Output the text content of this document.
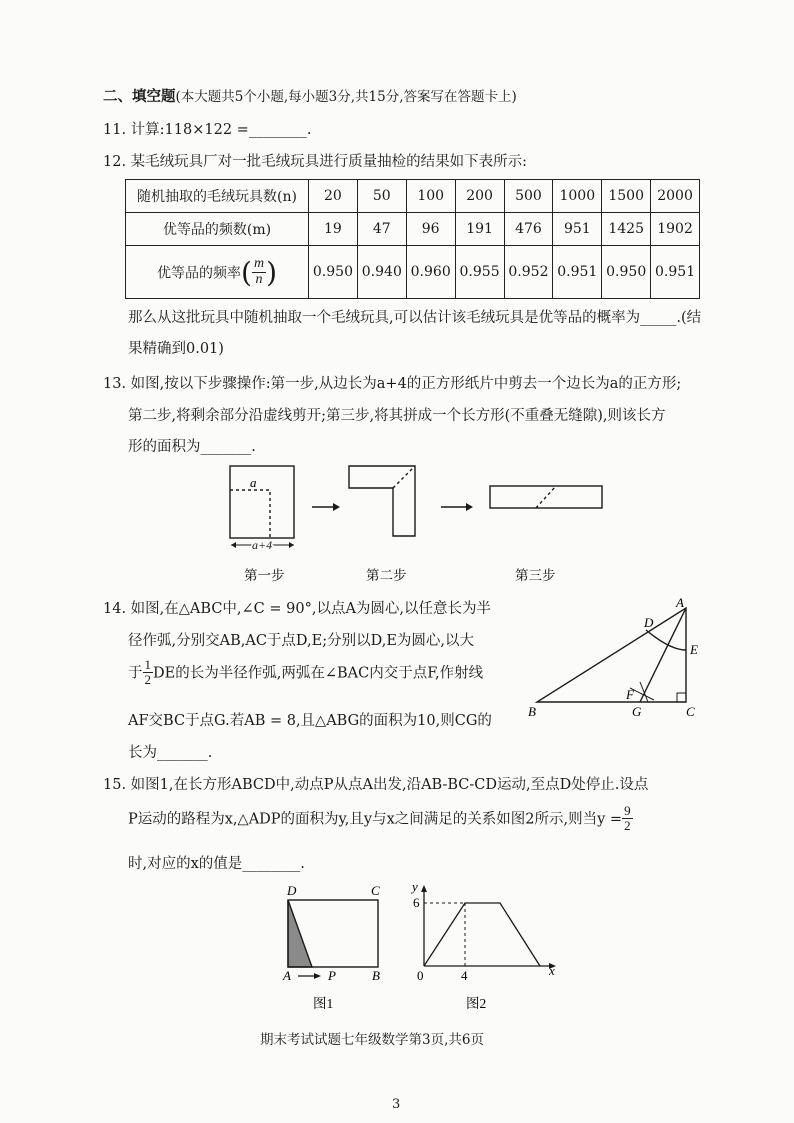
二、填空题(本大题共5个小题,每小题3分,共15分,答案写在答题卡上)
11. 计算:118×122 =________.
12. 某毛绒玩具厂对一批毛绒玩具进行质量抽检的结果如下表所示:
随机抽取的毛绒玩具数(n)	20	50	100	200	500	1000	1500	2000
优等品的频数(m)	19	47	96	191	476	951	1425	1902
优等品的频率( $\frac{m}{n}$ )	0.950	0.940	0.960	0.955	0.952	0.951	0.950	0.951
那么从这批玩具中随机抽取一个毛绒玩具,可以估计该毛绒玩具是优等品的概率为_____.(结
果精确到0.01)
13. 如图,按以下步骤操作:第一步,从边长为a+4的正方形纸片中剪去一个边长为a的正方形;
第二步,将剩余部分沿虚线剪开;第三步,将其拼成一个长方形(不重叠无缝隙),则该长方
形的面积为_______.
a
a+4
第一步	第二步	第三步
A
D
E
F
B	G	C
D	C
A	P	B
图1
y
6
0	4	x
图2
14. 如图,在△ABC中,∠C = 90°,以点A为圆心,以任意长为半
径作弧,分别交AB,AC于点D,E;分别以D,E为圆心,以大
于 $\frac{1}{2}$ DE的长为半径作弧,两弧在∠BAC内交于点F,作射线
AF交BC于点G.若AB = 8,且△ABG的面积为10,则CG的
长为_______.
15. 如图1,在长方形ABCD中,动点P从点A出发,沿AB-BC-CD运动,至点D处停止.设点
P运动的路程为x,△ADP的面积为y,且y与x之间满足的关系如图2所示,则当$y = \frac{9}{2}$
时,对应的x的值是________.
期末考试试题七年级数学第3页,共6页
3
